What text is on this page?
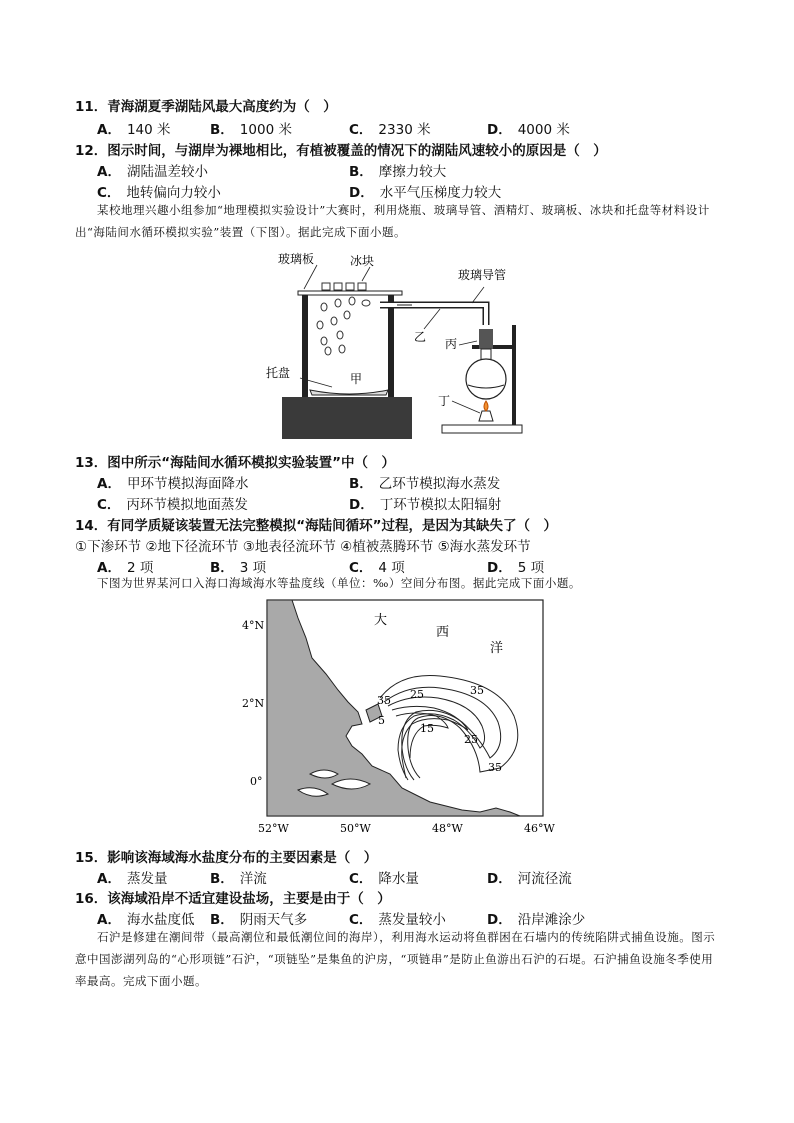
11．青海湖夏季湖陆风最大高度约为（　）
A． 140 米	B． 1000 米	C． 2330 米	D． 4000 米
12．图示时间，与湖岸为裸地相比，有植被覆盖的情况下的湖陆风速较小的原因是（　）
A． 湖陆温差较小	B． 摩擦力较大
C． 地转偏向力较小	D． 水平气压梯度力较大

某校地理兴趣小组参加“地理模拟实验设计”大赛时，利用烧瓶、玻璃导管、酒精灯、玻璃板、冰块和托盘等材料设计出“海陆间水循环模拟实验”装置（下图）。据此完成下面小题。

玻璃板	冰块
玻璃导管
托盘	甲
乙 丙
丁
13．图中所示“海陆间水循环模拟实验装置”中（　）
A． 甲环节模拟海面降水	B． 乙环节模拟海水蒸发
C． 丙环节模拟地面蒸发	D． 丁环节模拟太阳辐射
14．有同学质疑该装置无法完整模拟“海陆间循环”过程，是因为其缺失了（　）
①下渗环节 ②地下径流环节 ③地表径流环节 ④植被蒸腾环节 ⑤海水蒸发环节
A． 2 项	B． 3 项	C． 4 项	D． 5 项

下图为世界某河口入海口海域海水等盐度线（单位：‰）空间分布图。据此完成下面小题。

大
西
洋
35 25
5
15
25
35
35
4°N
2°N
0°
52°W	50°W	48°W	46°W
15．影响该海域海水盐度分布的主要因素是（　）
A． 蒸发量	B． 洋流	C． 降水量	D． 河流径流
16．该海域沿岸不适宜建设盐场，主要是由于（　）
A． 海水盐度低 B． 阴雨天气多	C． 蒸发量较小	D． 沿岸滩涂少

石沪是修建在潮间带（最高潮位和最低潮位间的海岸），利用海水运动将鱼群困在石墙内的传统陷阱式捕鱼设施。图示意中国澎湖列岛的“心形项链”石沪，“项链坠”是集鱼的沪房，“项链串”是防止鱼游出石沪的石堤。石沪捕鱼设施冬季使用率最高。完成下面小题。
